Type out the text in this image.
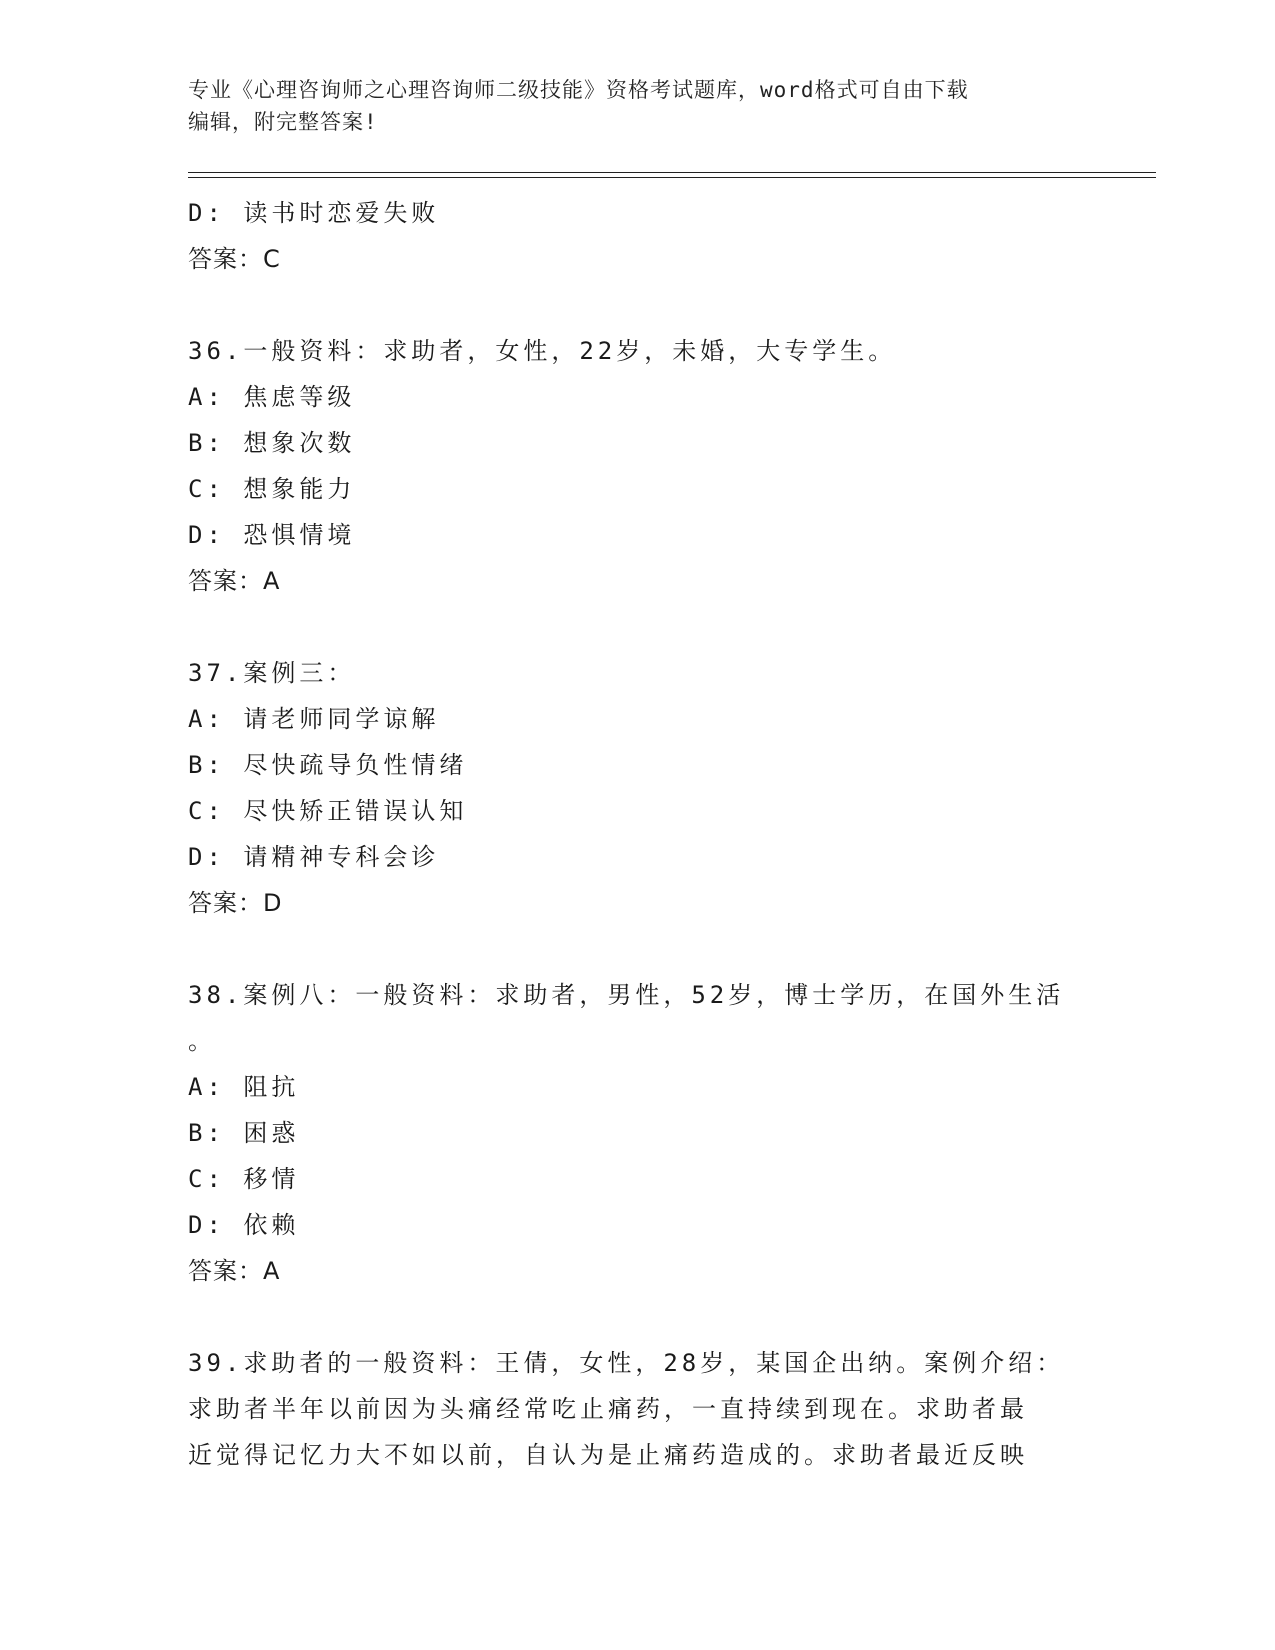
专业《心理咨询师之心理咨询师二级技能》资格考试题库，word格式可自由下载
编辑，附完整答案!
D: 读书时恋爱失败
答案：C
36.一般资料：求助者，女性，22岁，未婚，大专学生。
A: 焦虑等级
B: 想象次数
C: 想象能力
D: 恐惧情境
答案：A
37.案例三：
A: 请老师同学谅解
B: 尽快疏导负性情绪
C: 尽快矫正错误认知
D: 请精神专科会诊
答案：D
38.案例八：一般资料：求助者，男性，52岁，博士学历，在国外生活
。
A: 阻抗
B: 困惑
C: 移情
D: 依赖
答案：A
39.求助者的一般资料：王倩，女性，28岁，某国企出纳。案例介绍：
求助者半年以前因为头痛经常吃止痛药，一直持续到现在。求助者最
近觉得记忆力大不如以前，自认为是止痛药造成的。求助者最近反映
